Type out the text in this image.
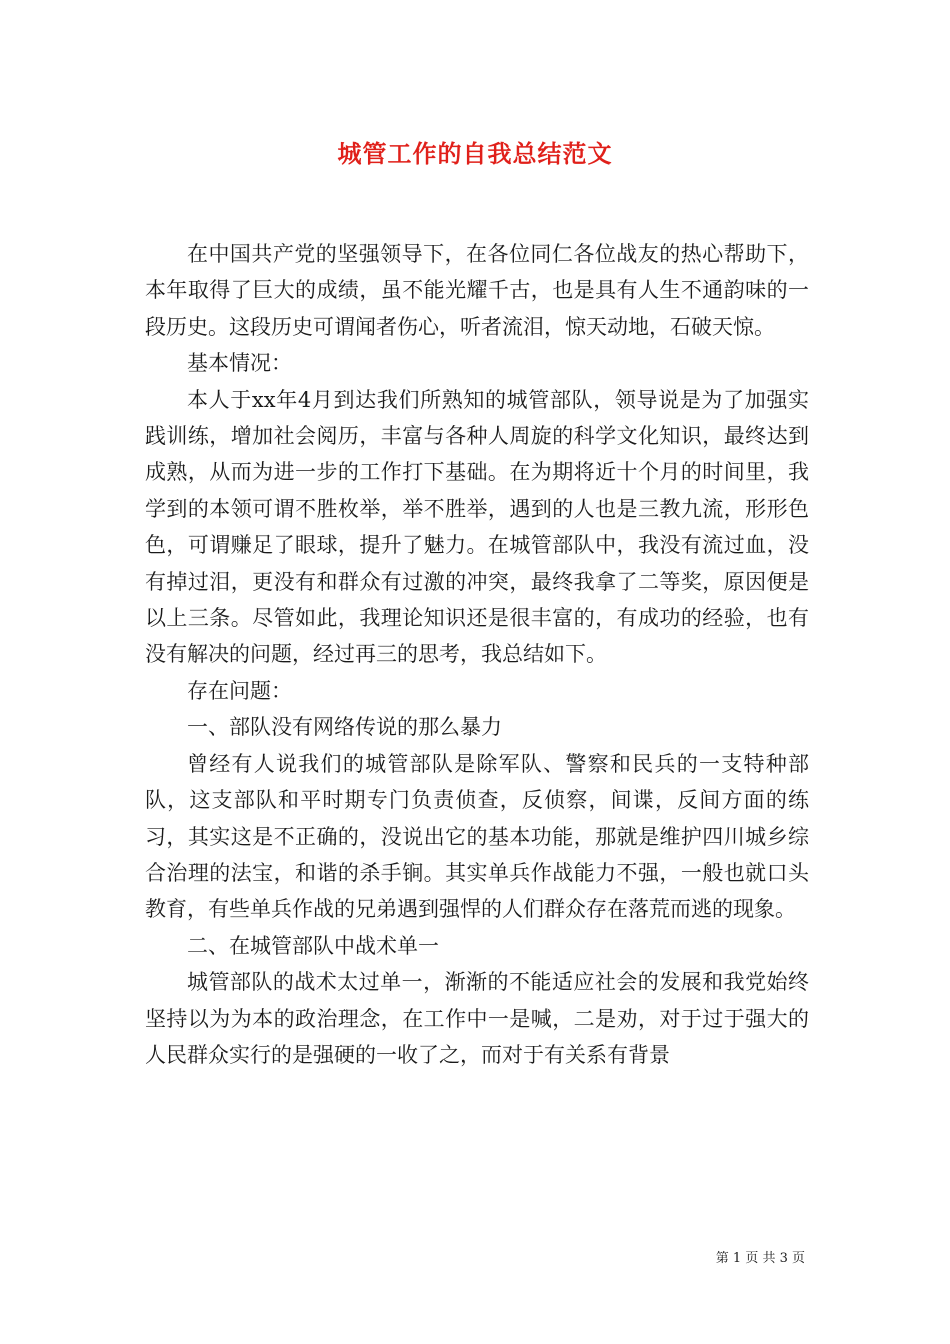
城管工作的自我总结范文

在中国共产党的坚强领导下，在各位同仁各位战友的热心帮助下，本年取得了巨大的成绩，虽不能光耀千古，也是具有人生不通韵味的一段历史。这段历史可谓闻者伤心，听者流泪，惊天动地，石破天惊。

基本情况：

本人于xx年4月到达我们所熟知的城管部队，领导说是为了加强实践训练，增加社会阅历，丰富与各种人周旋的科学文化知识，最终达到成熟，从而为进一步的工作打下基础。在为期将近十个月的时间里，我学到的本领可谓不胜枚举，举不胜举，遇到的人也是三教九流，形形色色，可谓赚足了眼球，提升了魅力。在城管部队中，我没有流过血，没有掉过泪，更没有和群众有过激的冲突，最终我拿了二等奖，原因便是以上三条。尽管如此，我理论知识还是很丰富的，有成功的经验，也有没有解决的问题，经过再三的思考，我总结如下。

存在问题：

一、部队没有网络传说的那么暴力

曾经有人说我们的城管部队是除军队、警察和民兵的一支特种部队，这支部队和平时期专门负责侦查，反侦察，间谍，反间方面的练习，其实这是不正确的，没说出它的基本功能，那就是维护四川城乡综合治理的法宝，和谐的杀手锏。其实单兵作战能力不强，一般也就口头教育，有些单兵作战的兄弟遇到强悍的人们群众存在落荒而逃的现象。

二、在城管部队中战术单一

城管部队的战术太过单一，渐渐的不能适应社会的发展和我党始终坚持以为为本的政治理念，在工作中一是喊，二是劝，对于过于强大的人民群众实行的是强硬的一收了之，而对于有关系有背景

第 1 页 共 3 页
